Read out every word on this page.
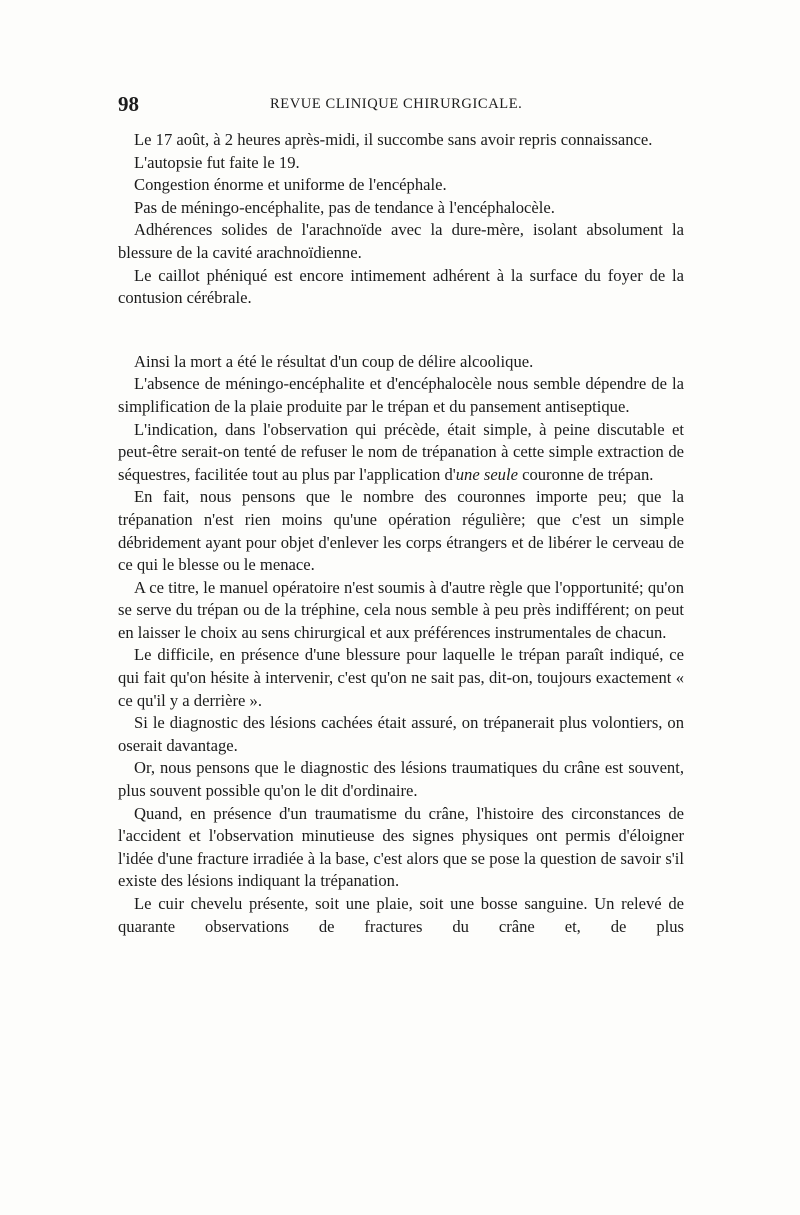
98	REVUE CLINIQUE CHIRURGICALE.

Le 17 août, à 2 heures après-midi, il succombe sans avoir repris connaissance.

L'autopsie fut faite le 19.

Congestion énorme et uniforme de l'encéphale.

Pas de méningo-encéphalite, pas de tendance à l'encéphalocèle.

Adhérences solides de l'arachnoïde avec la dure-mère, isolant absolument la blessure de la cavité arachnoïdienne.

Le caillot phéniqué est encore intimement adhérent à la surface du foyer de la contusion cérébrale.

Ainsi la mort a été le résultat d'un coup de délire alcoolique.

L'absence de méningo-encéphalite et d'encéphalocèle nous semble dépendre de la simplification de la plaie produite par le trépan et du pansement antiseptique.

L'indication, dans l'observation qui précède, était simple, à peine discutable et peut-être serait-on tenté de refuser le nom de trépanation à cette simple extraction de séquestres, facilitée tout au plus par l'application d'une seule couronne de trépan.

En fait, nous pensons que le nombre des couronnes importe peu; que la trépanation n'est rien moins qu'une opération régulière; que c'est un simple débridement ayant pour objet d'enlever les corps étrangers et de libérer le cerveau de ce qui le blesse ou le menace.

A ce titre, le manuel opératoire n'est soumis à d'autre règle que l'opportunité; qu'on se serve du trépan ou de la tréphine, cela nous semble à peu près indifférent; on peut en laisser le choix au sens chirurgical et aux préférences instrumentales de chacun.

Le difficile, en présence d'une blessure pour laquelle le trépan paraît indiqué, ce qui fait qu'on hésite à intervenir, c'est qu'on ne sait pas, dit-on, toujours exactement « ce qu'il y a derrière ».

Si le diagnostic des lésions cachées était assuré, on trépanerait plus volontiers, on oserait davantage.

Or, nous pensons que le diagnostic des lésions traumatiques du crâne est souvent, plus souvent possible qu'on le dit d'ordinaire.

Quand, en présence d'un traumatisme du crâne, l'histoire des circonstances de l'accident et l'observation minutieuse des signes physiques ont permis d'éloigner l'idée d'une fracture irradiée à la base, c'est alors que se pose la question de savoir s'il existe des lésions indiquant la trépanation.

Le cuir chevelu présente, soit une plaie, soit une bosse sanguine. Un relevé de quarante observations de fractures du crâne et, de plus
